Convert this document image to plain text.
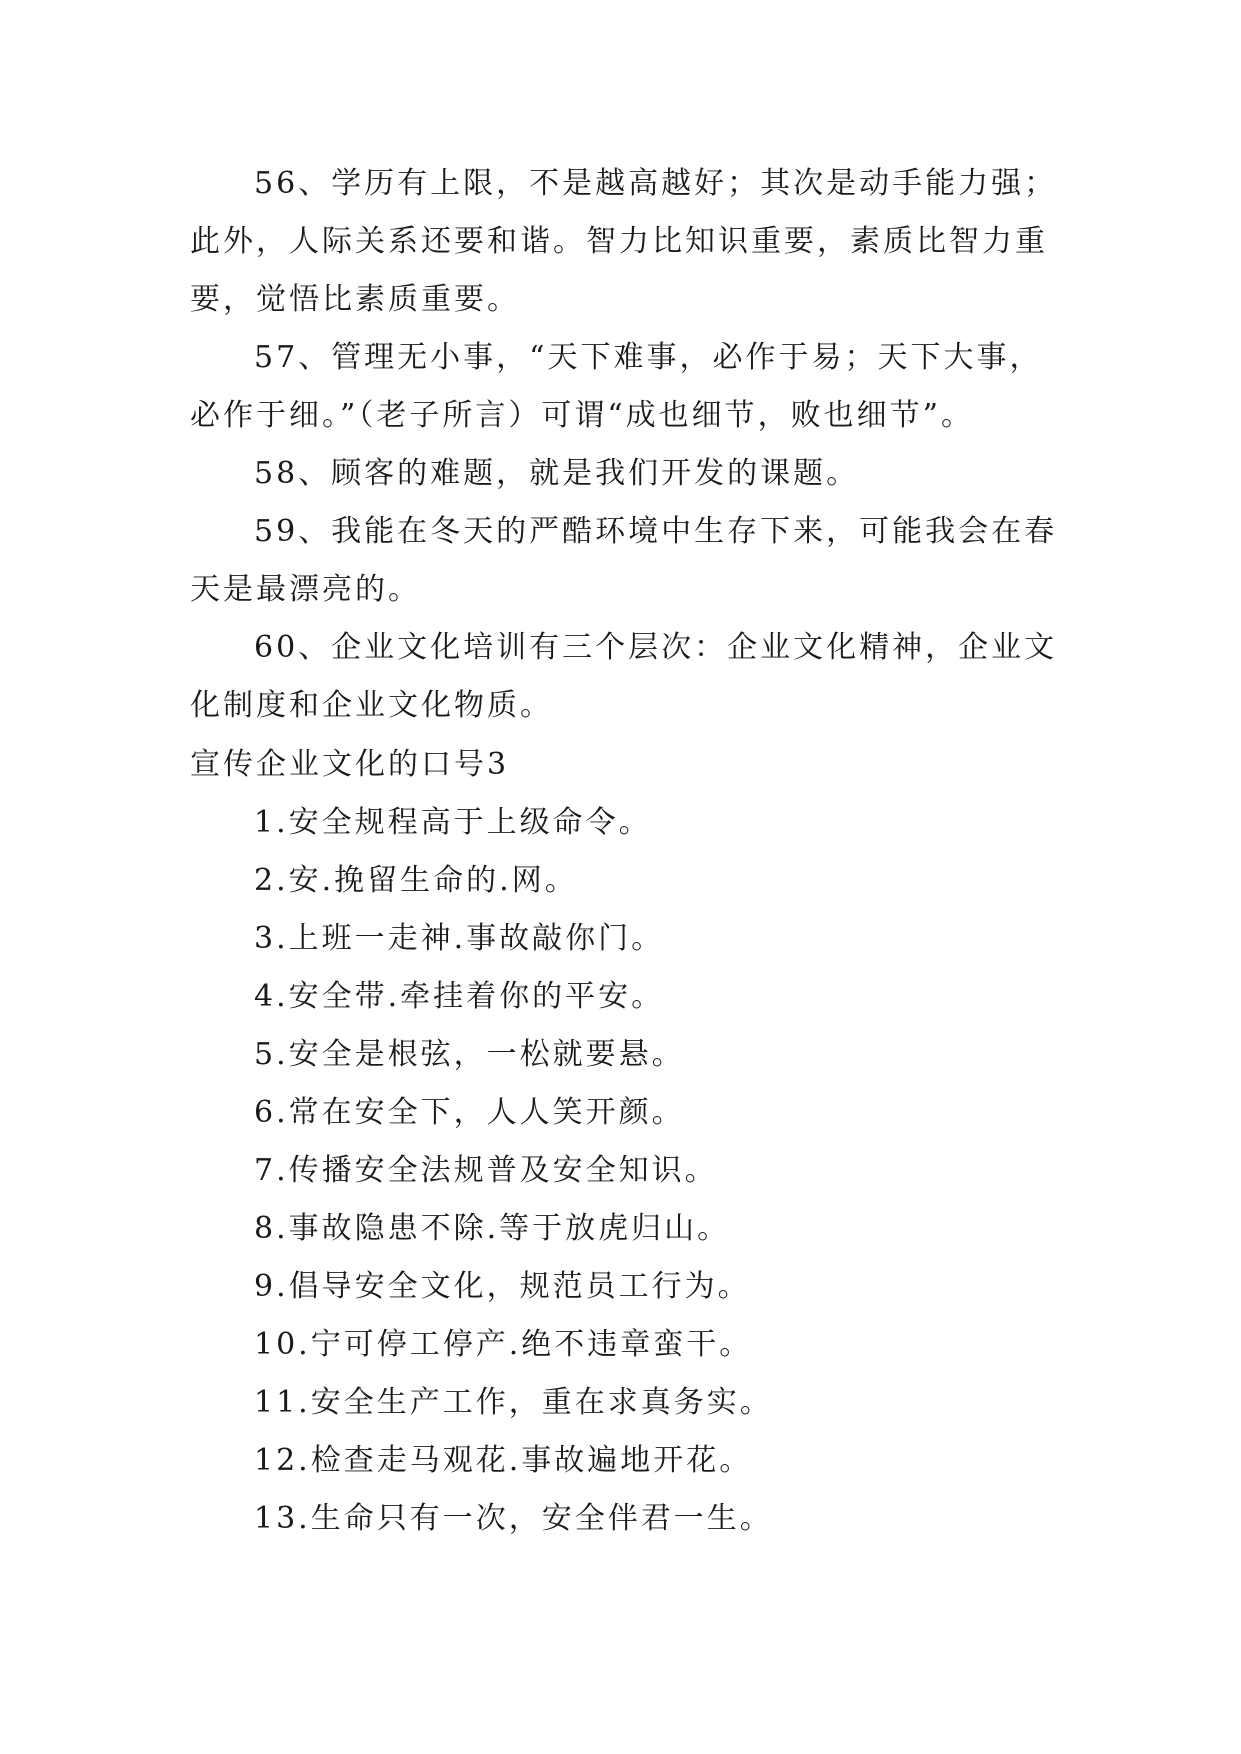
56、学历有上限，不是越高越好；其次是动手能力强；此外，人际关系还要和谐。智力比知识重要，素质比智力重要，觉悟比素质重要。

57、管理无小事，“天下难事，必作于易；天下大事，必作于细。”（老子所言）可谓“成也细节，败也细节”。

58、顾客的难题，就是我们开发的课题。

59、我能在冬天的严酷环境中生存下来，可能我会在春天是最漂亮的。

60、企业文化培训有三个层次：企业文化精神，企业文化制度和企业文化物质。

宣传企业文化的口号3

1.安全规程高于上级命令。

2.安.挽留生命的.网。

3.上班一走神.事故敲你门。

4.安全带.牵挂着你的平安。

5.安全是根弦，一松就要悬。

6.常在安全下，人人笑开颜。

7.传播安全法规普及安全知识。

8.事故隐患不除.等于放虎归山。

9.倡导安全文化，规范员工行为。

10.宁可停工停产.绝不违章蛮干。

11.安全生产工作，重在求真务实。

12.检查走马观花.事故遍地开花。

13.生命只有一次，安全伴君一生。
